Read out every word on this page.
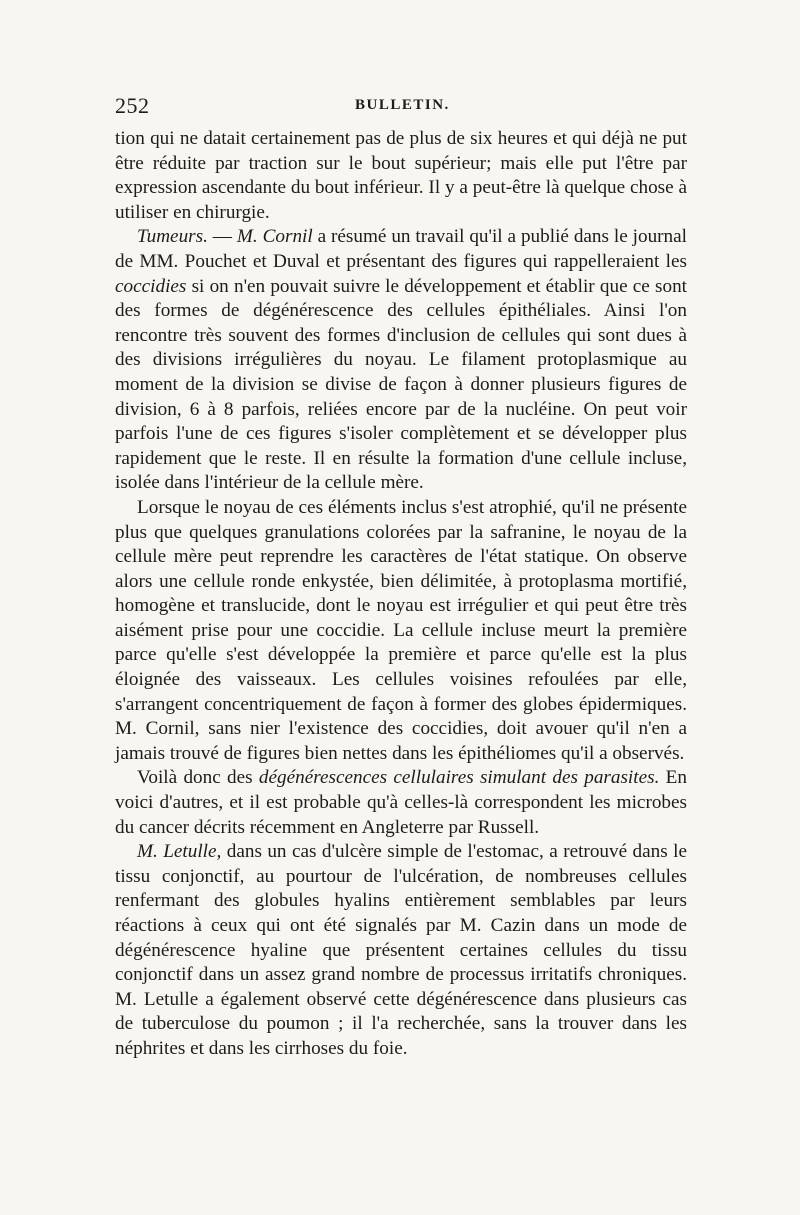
252	BULLETIN.

tion qui ne datait certainement pas de plus de six heures et qui déjà ne put être réduite par traction sur le bout supérieur; mais elle put l'être par expression ascendante du bout inférieur. Il y a peut-être là quelque chose à utiliser en chirurgie.

Tumeurs. — M. Cornil a résumé un travail qu'il a publié dans le journal de MM. Pouchet et Duval et présentant des figures qui rappelleraient les coccidies si on n'en pouvait suivre le développement et établir que ce sont des formes de dégénérescence des cellules épithéliales. Ainsi l'on rencontre très souvent des formes d'inclusion de cellules qui sont dues à des divisions irrégulières du noyau. Le filament protoplasmique au moment de la division se divise de façon à donner plusieurs figures de division, 6 à 8 parfois, reliées encore par de la nucléine. On peut voir parfois l'une de ces figures s'isoler complètement et se développer plus rapidement que le reste. Il en résulte la formation d'une cellule incluse, isolée dans l'intérieur de la cellule mère.

Lorsque le noyau de ces éléments inclus s'est atrophié, qu'il ne présente plus que quelques granulations colorées par la safranine, le noyau de la cellule mère peut reprendre les caractères de l'état statique. On observe alors une cellule ronde enkystée, bien délimitée, à protoplasma mortifié, homogène et translucide, dont le noyau est irrégulier et qui peut être très aisément prise pour une coccidie. La cellule incluse meurt la première parce qu'elle s'est développée la première et parce qu'elle est la plus éloignée des vaisseaux. Les cellules voisines refoulées par elle, s'arrangent concentriquement de façon à former des globes épidermiques. M. Cornil, sans nier l'existence des coccidies, doit avouer qu'il n'en a jamais trouvé de figures bien nettes dans les épithéliomes qu'il a observés.

Voilà donc des dégénérescences cellulaires simulant des parasites. En voici d'autres, et il est probable qu'à celles-là correspondent les microbes du cancer décrits récemment en Angleterre par Russell.

M. Letulle, dans un cas d'ulcère simple de l'estomac, a retrouvé dans le tissu conjonctif, au pourtour de l'ulcération, de nombreuses cellules renfermant des globules hyalins entièrement semblables par leurs réactions à ceux qui ont été signalés par M. Cazin dans un mode de dégénérescence hyaline que présentent certaines cellules du tissu conjonctif dans un assez grand nombre de processus irritatifs chroniques. M. Letulle a également observé cette dégénérescence dans plusieurs cas de tuberculose du poumon ; il l'a recherchée, sans la trouver dans les néphrites et dans les cirrhoses du foie.
